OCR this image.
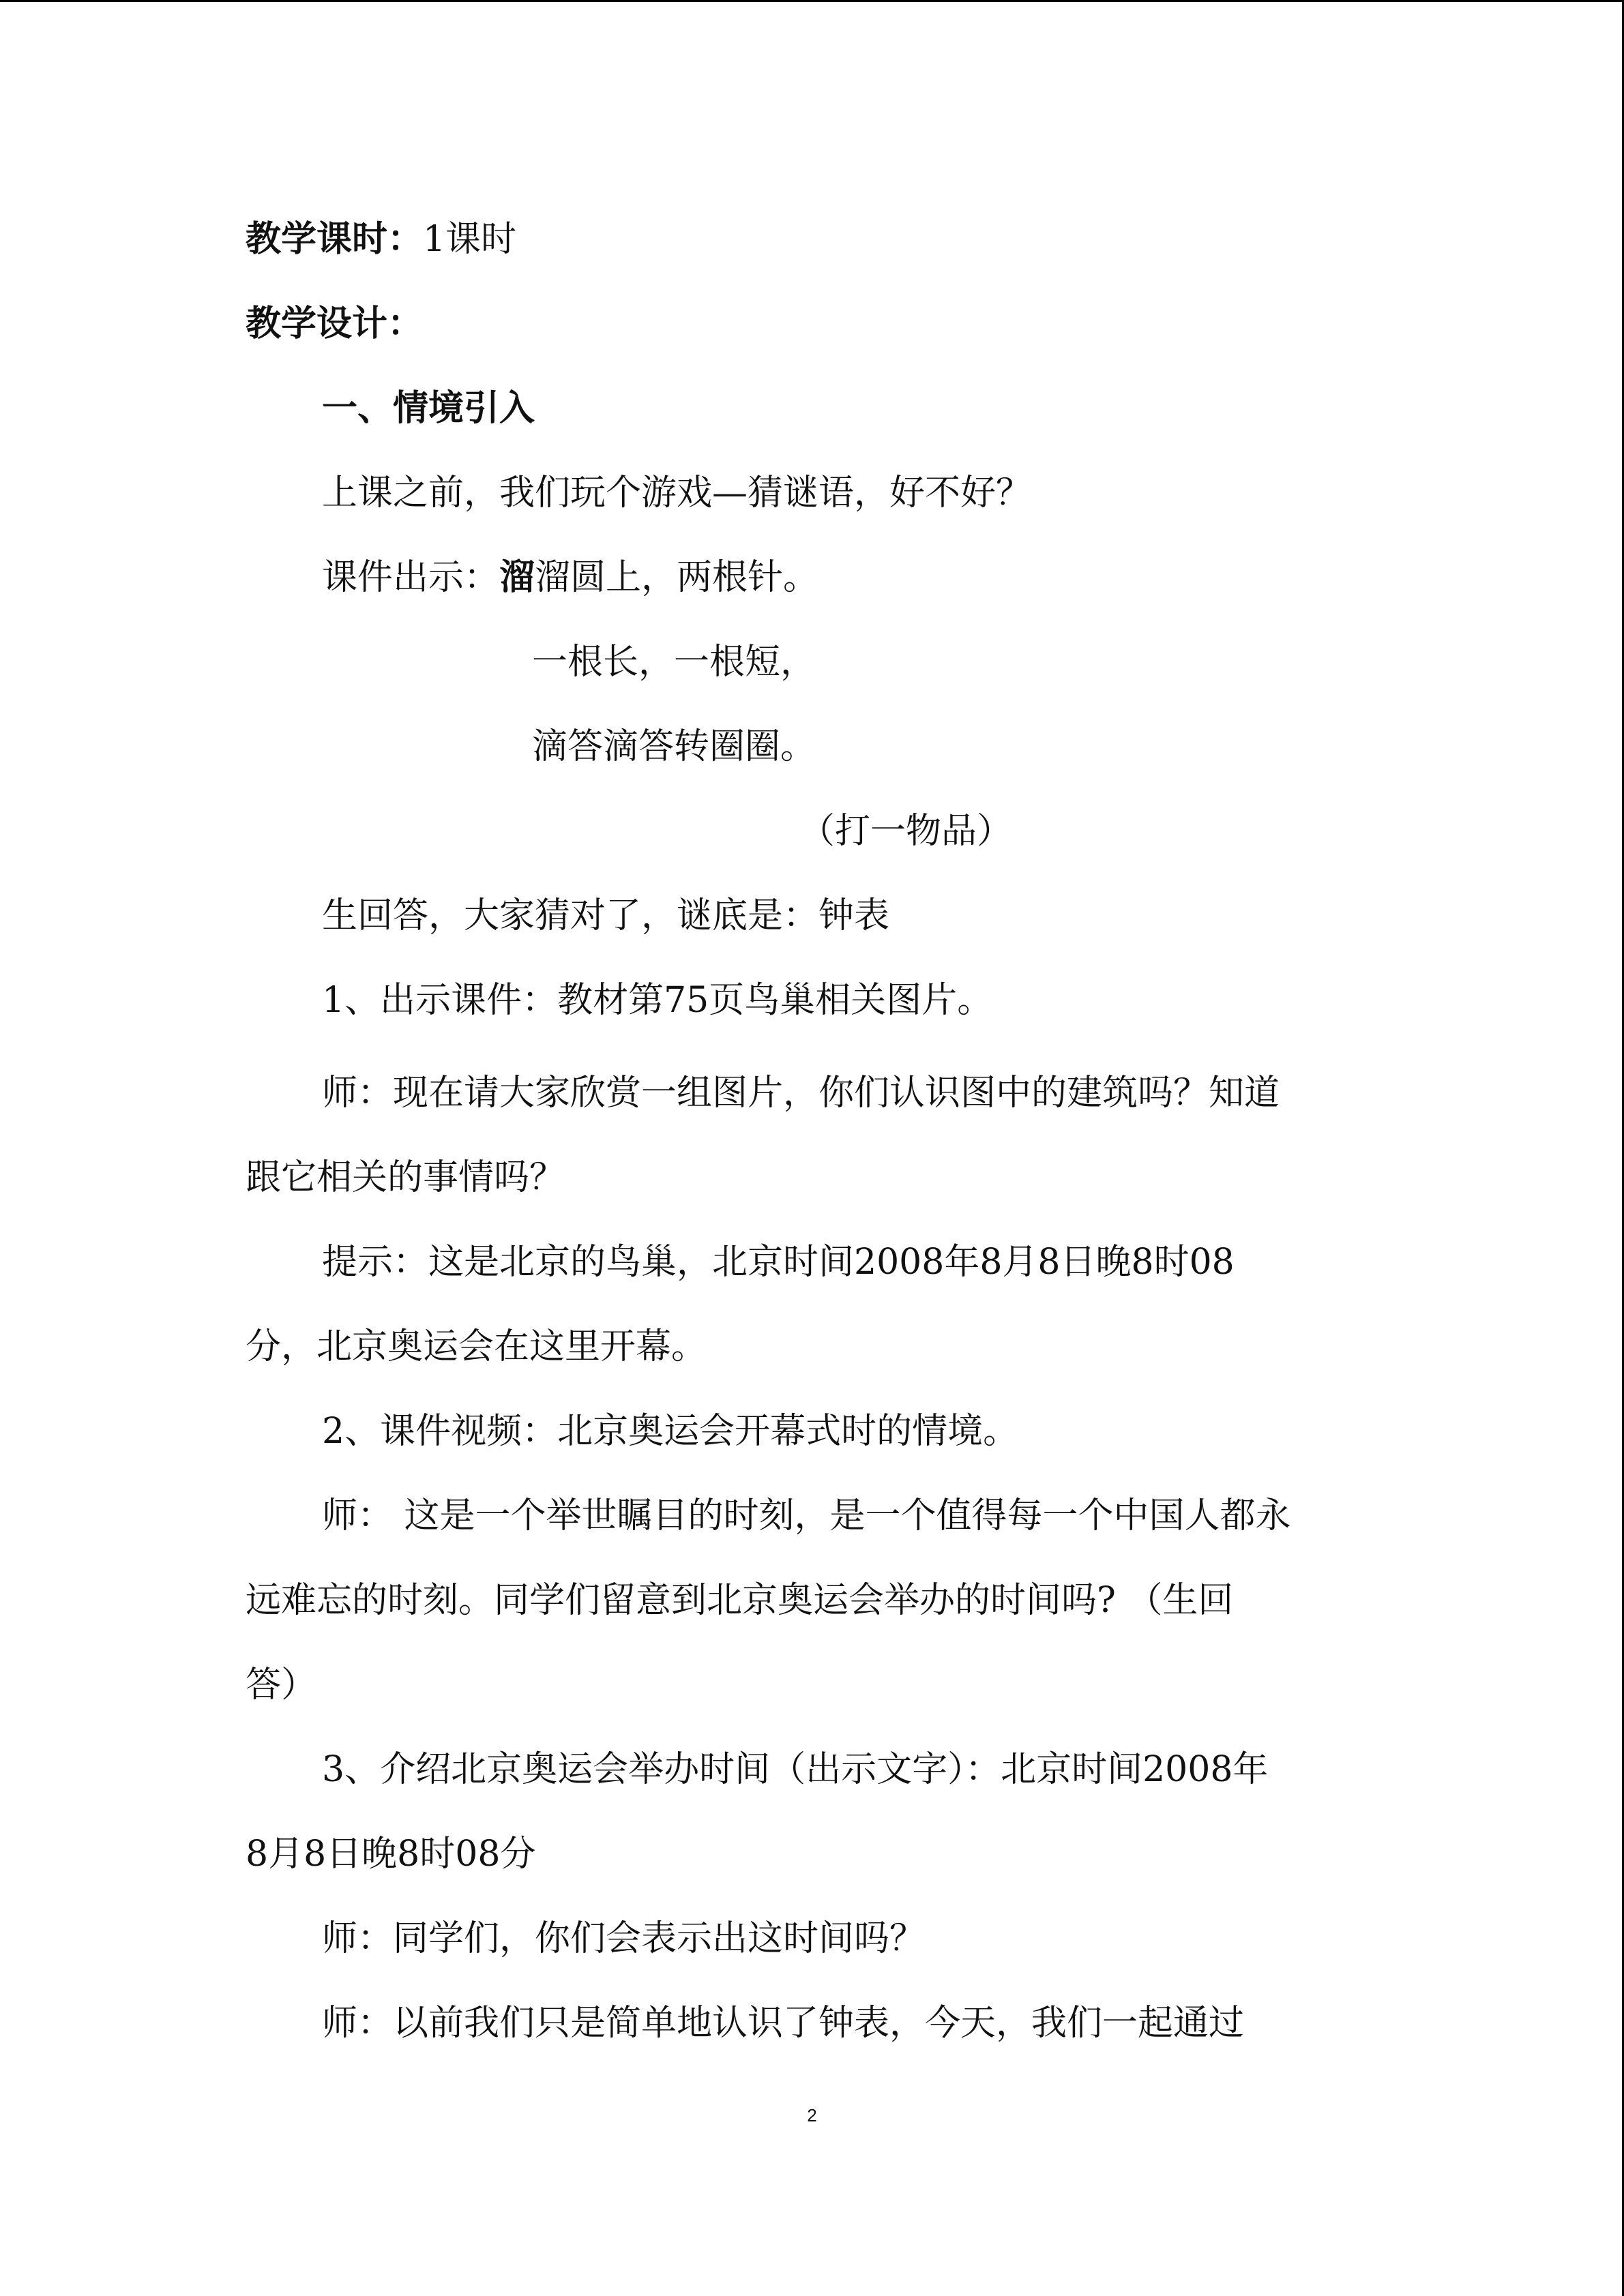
教学课时：1课时

教学设计：

一、情境引入

上课之前，我们玩个游戏—猜谜语，好不好？

课件出示：溜溜圆上，两根针。

一根长，一根短，

滴答滴答转圈圈。

（打一物品）

生回答，大家猜对了，谜底是：钟表

1、出示课件：教材第75页鸟巢相关图片。

师：现在请大家欣赏一组图片，你们认识图中的建筑吗？知道

跟它相关的事情吗？

提示：这是北京的鸟巢，北京时间2008年8月8日晚8时08

分，北京奥运会在这里开幕。

2、课件视频：北京奥运会开幕式时的情境。

师： 这是一个举世瞩目的时刻，是一个值得每一个中国人都永

远难忘的时刻。同学们留意到北京奥运会举办的时间吗? （生回

答）

3、介绍北京奥运会举办时间（出示文字）：北京时间2008年

8月8日晚8时08分

师：同学们，你们会表示出这时间吗？

师：以前我们只是简单地认识了钟表，今天，我们一起通过

2
